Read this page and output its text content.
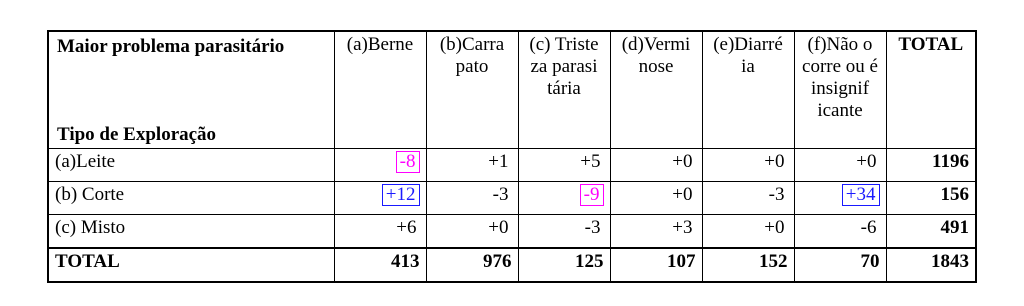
Maior problema parasitário
Tipo de Exploração	(a)Berne	(b)Carra pato	(c) Triste za parasi tária	(d)Vermi nose	(e)Diarré ia	(f)Não o corre ou é insignif icante	TOTAL
(a)Leite	-8	+1	+5	+0	+0	+0	1196
(b) Corte	+12	-3	-9	+0	-3	+34	156
(c) Misto	+6	+0	-3	+3	+0	-6	491
TOTAL	413	976	125	107	152	70	1843
